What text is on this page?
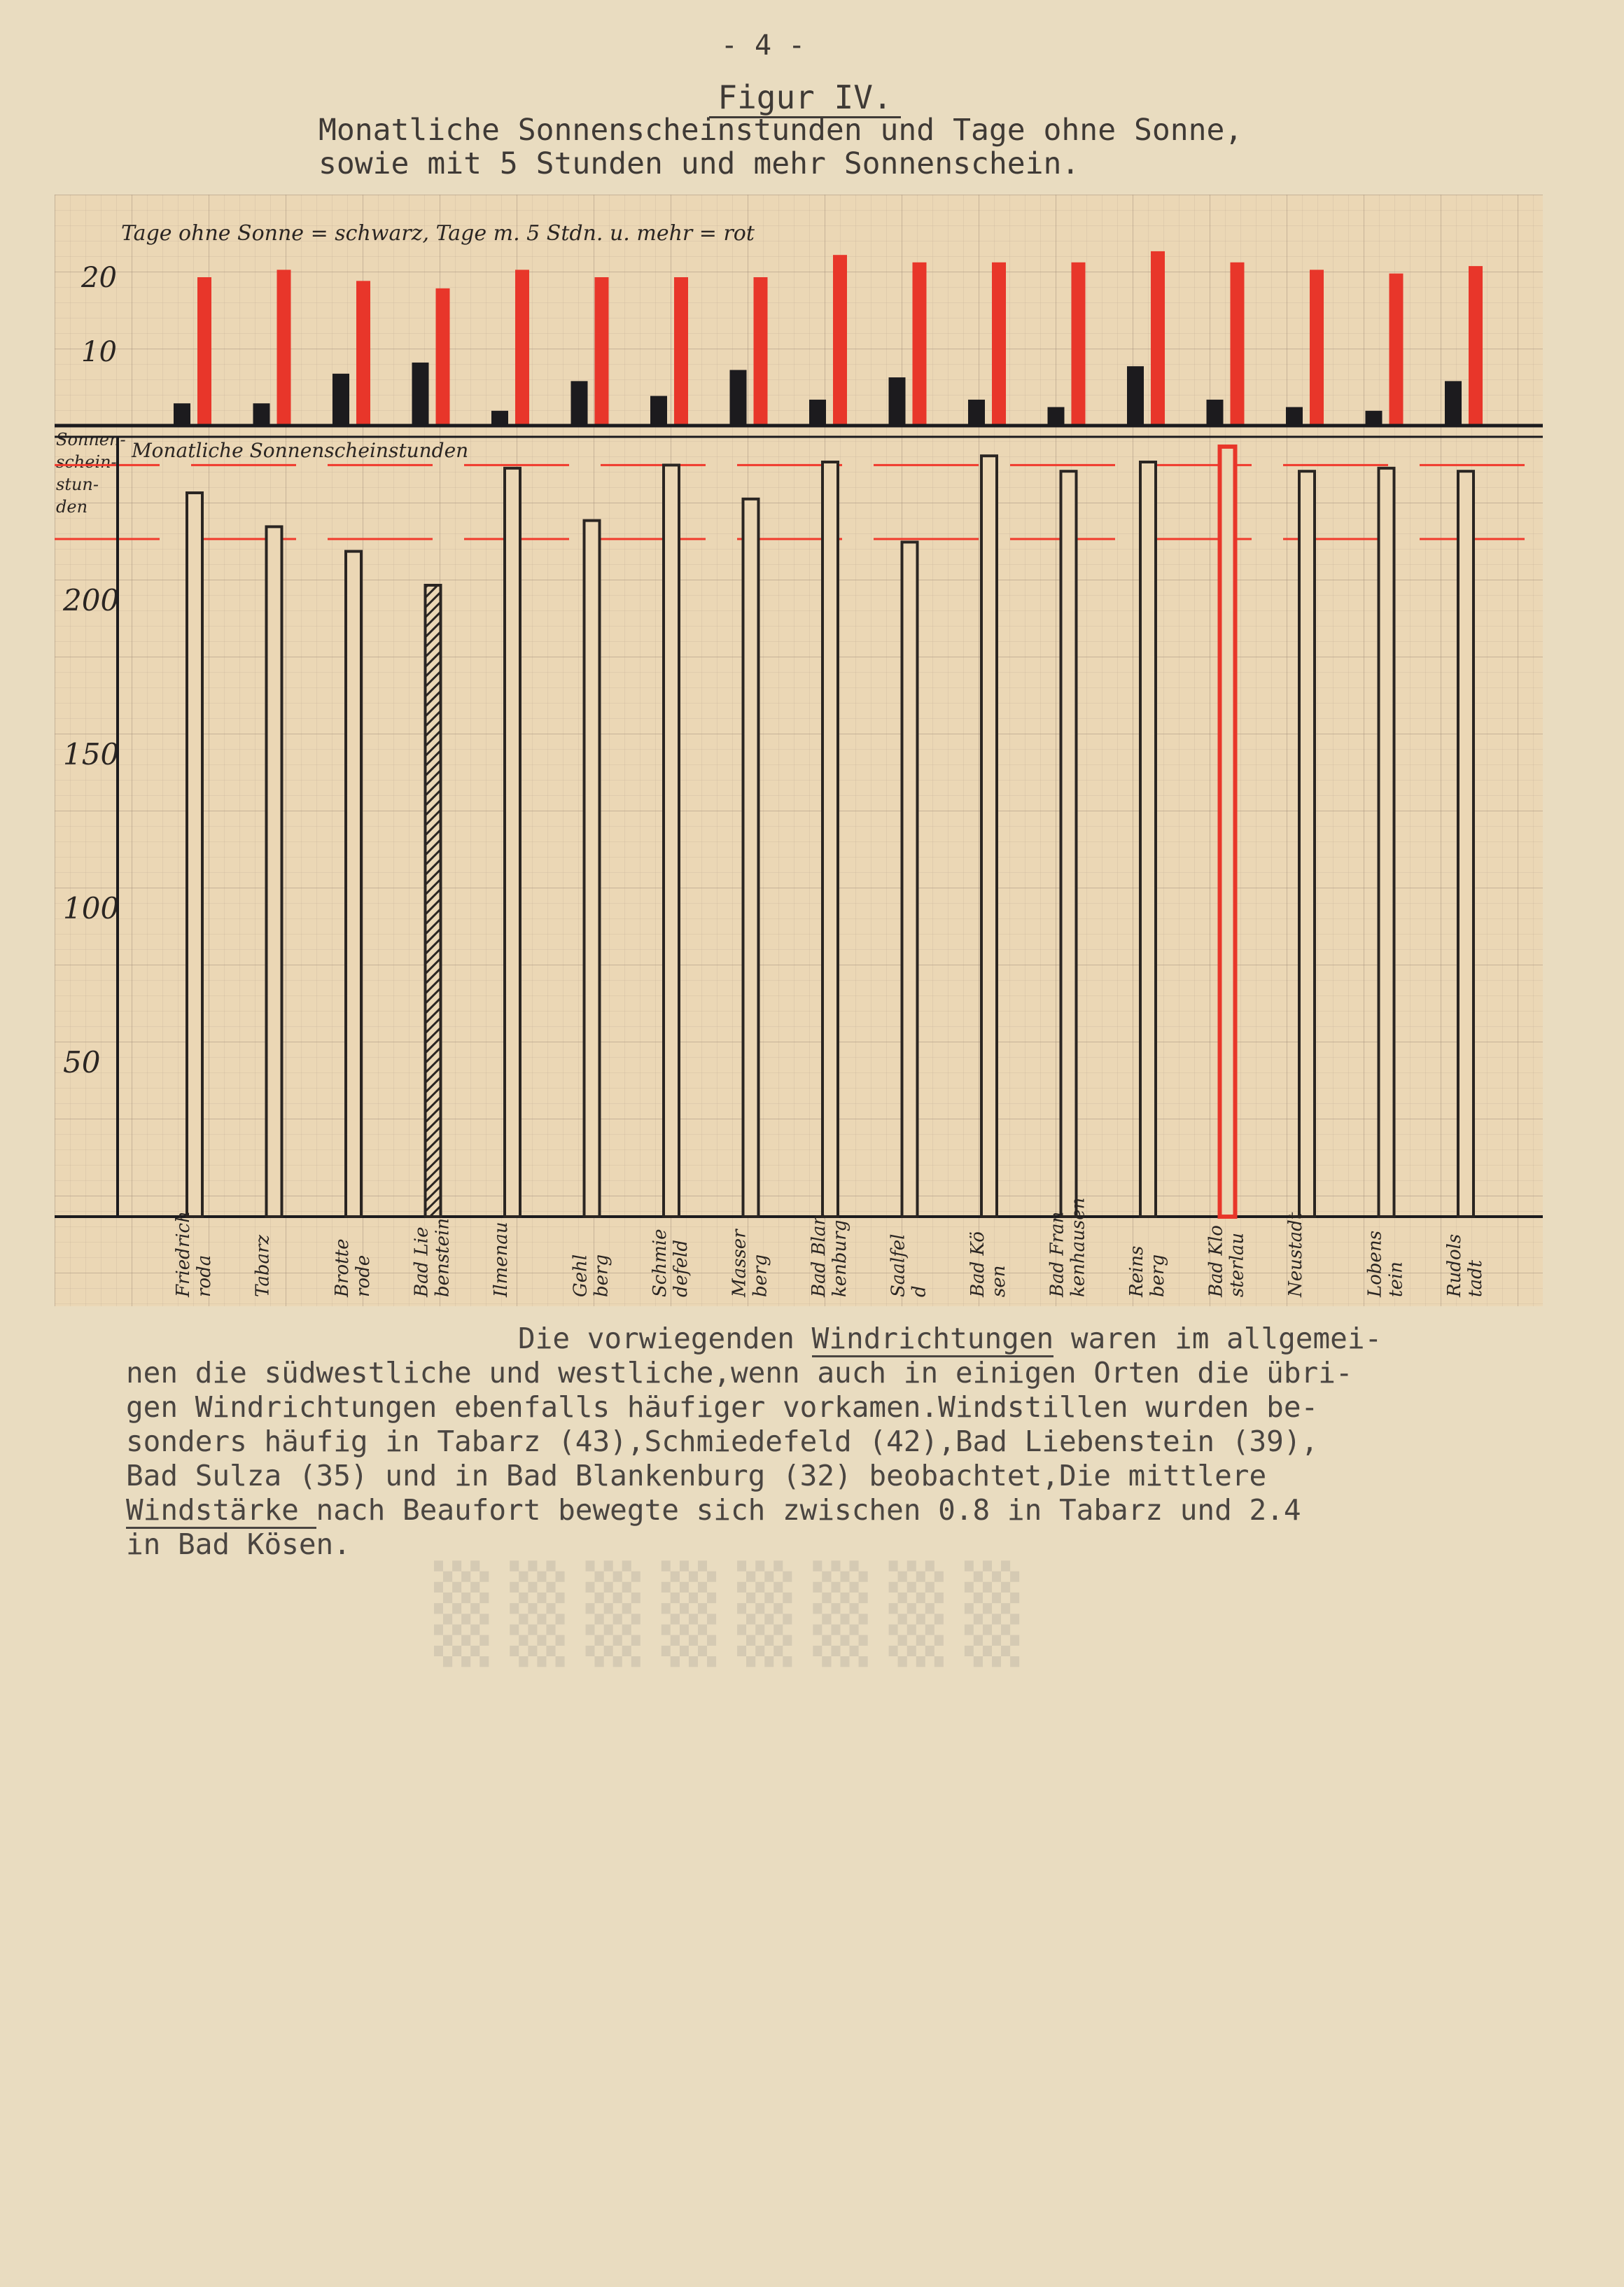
- 4 -
Figur IV.
Monatliche Sonnenscheinstunden und Tage ohne Sonne,
sowie mit 5 Stunden und mehr Sonnenschein.
Tage ohne Sonne = schwarz, Tage m. 5 Stdn. u. mehr = rot
10
20
Monatliche Sonnenscheinstunden
Sonnen-
schein-
stun-
den
50
100
150
200
Friedrich roda Tabarz	Brotte rode Bad Lie benstein Ilmenau	Gehl berg Schmie defeld Masser berg Bad Blan kenburg Saalfel d Bad Kö sen Bad Fran kenhausen Reins berg Bad Klo sterlau Neustadt	Lobens tein Rudols tadt

Die vorwiegenden Windrichtungen waren im allgemei-

nen die südwestliche und westliche,wenn auch in einigen Orten die übri-

gen Windrichtungen ebenfalls häufiger vorkamen.Windstillen wurden be-

sonders häufig in Tabarz (43),Schmiedefeld (42),Bad Liebenstein (39),

Bad Sulza (35) und in Bad Blankenburg (32) beobachtet,Die mittlere

Windstärke nach Beaufort bewegte sich zwischen 0.8 in Tabarz und 2.4

in Bad Kösen.

▒▒▒▒▒▒▒▒
